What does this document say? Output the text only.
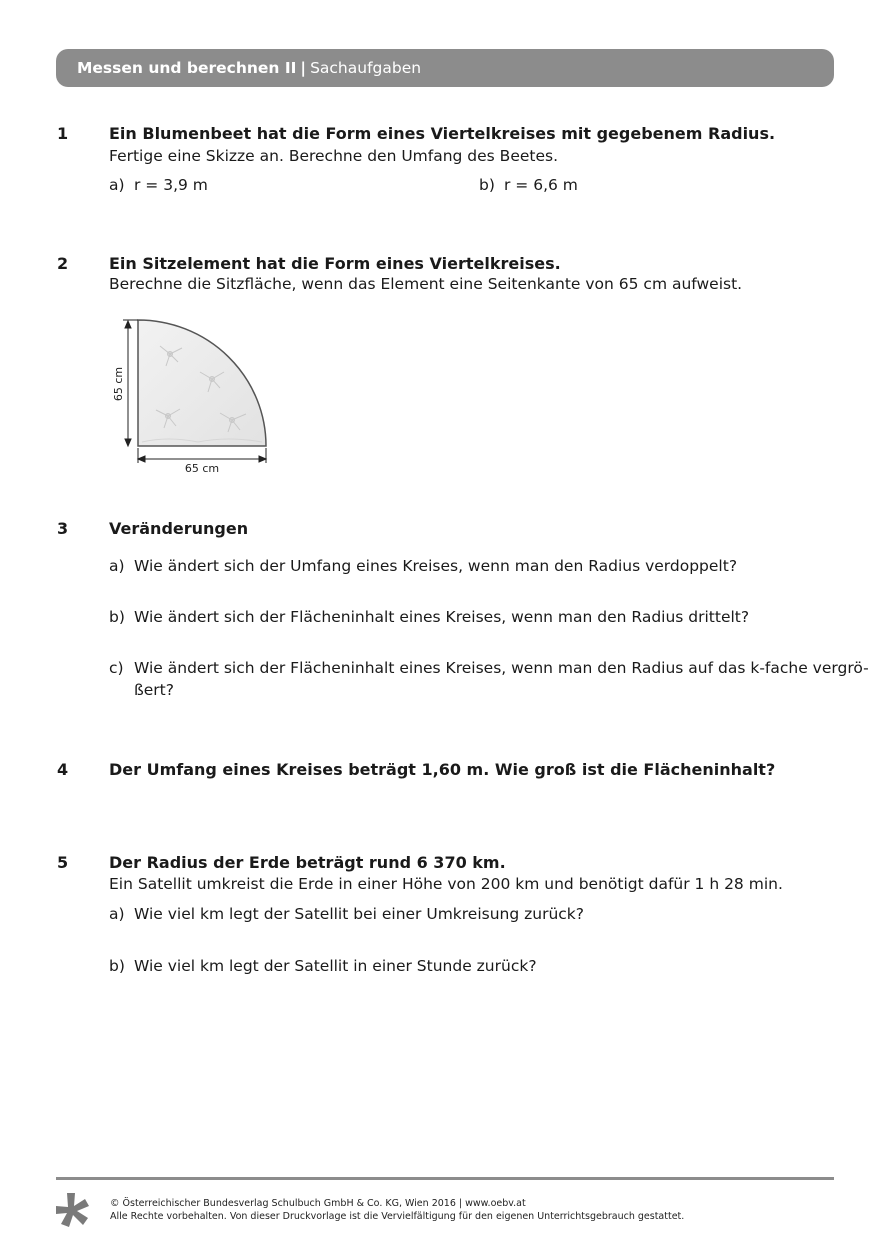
Messen und berechnen II | Sachaufgaben
1	Ein Blumenbeet hat die Form eines Viertelkreises mit gegebenem Radius.
Fertige eine Skizze an. Berechne den Umfang des Beetes.
a) r = 3,9 m	b) r = 6,6 m
2	Ein Sitzelement hat die Form eines Viertelkreises.
Berechne die Sitzfläche, wenn das Element eine Seitenkante von 65 cm aufweist.
65 cm
65 cm
3	Veränderungen
a) Wie ändert sich der Umfang eines Kreises, wenn man den Radius verdoppelt?
b) Wie ändert sich der Flächeninhalt eines Kreises, wenn man den Radius drittelt?
c) Wie ändert sich der Flächeninhalt eines Kreises, wenn man den Radius auf das k-fache vergrö-
ßert?
4	Der Umfang eines Kreises beträgt 1,60 m. Wie groß ist die Flächeninhalt?
5	Der Radius der Erde beträgt rund 6 370 km.
Ein Satellit umkreist die Erde in einer Höhe von 200 km und benötigt dafür 1 h 28 min.
a) Wie viel km legt der Satellit bei einer Umkreisung zurück?
b) Wie viel km legt der Satellit in einer Stunde zurück?
© Österreichischer Bundesverlag Schulbuch GmbH & Co. KG, Wien 2016 | www.oebv.at
Alle Rechte vorbehalten. Von dieser Druckvorlage ist die Vervielfältigung für den eigenen Unterrichtsgebrauch gestattet.
